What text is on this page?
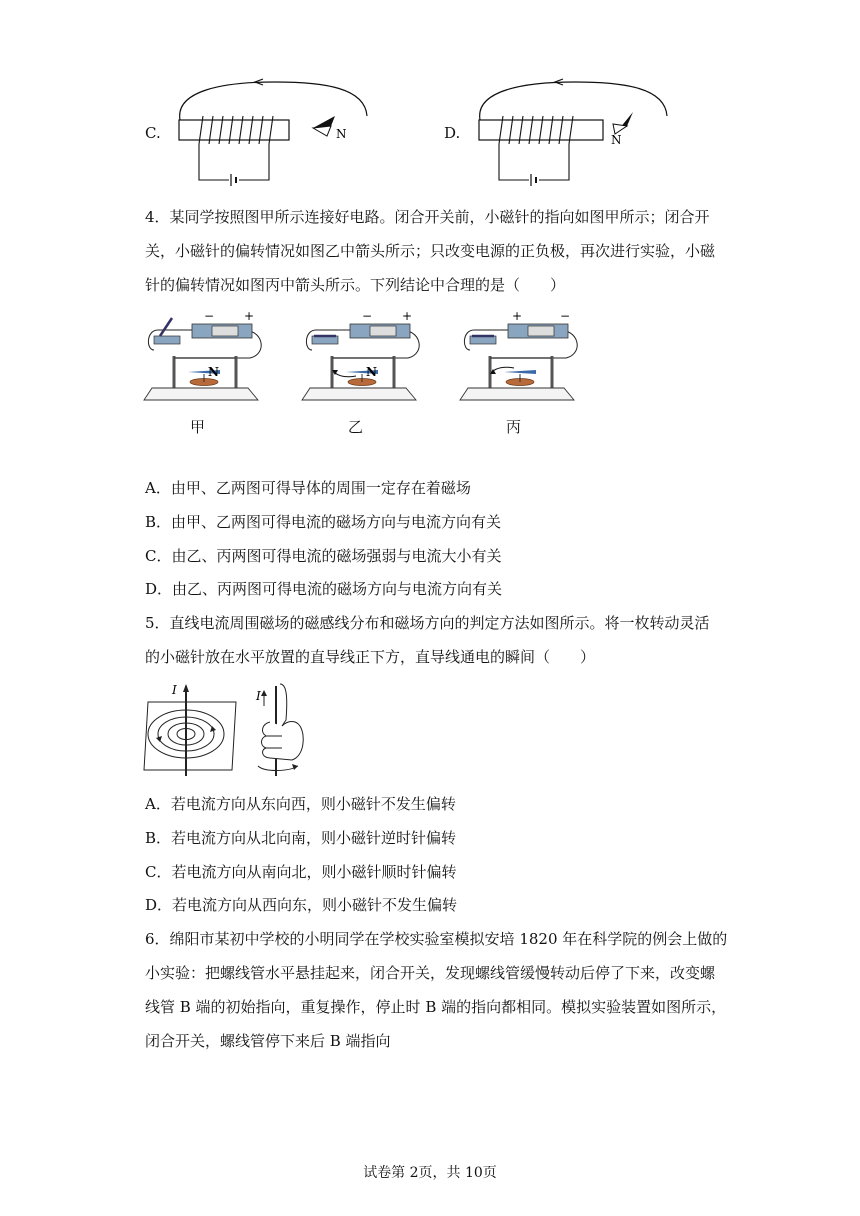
C.	N	D.	N
4．某同学按照图甲所示连接好电路。闭合开关前，小磁针的指向如图甲所示；闭合开
关，小磁针的偏转情况如图乙中箭头所示；只改变电源的正负极，再次进行实验，小磁
针的偏转情况如图丙中箭头所示。下列结论中合理的是（　　）
− +
N
甲
− +
N
乙
+	−
丙
A．由甲、乙两图可得导体的周围一定存在着磁场
B．由甲、乙两图可得电流的磁场方向与电流方向有关
C．由乙、丙两图可得电流的磁场强弱与电流大小有关
D．由乙、丙两图可得电流的磁场方向与电流方向有关
5．直线电流周围磁场的磁感线分布和磁场方向的判定方法如图所示。将一枚转动灵活
的小磁针放在水平放置的直导线正下方，直导线通电的瞬间（　　）
I	I
A．若电流方向从东向西，则小磁针不发生偏转
B．若电流方向从北向南，则小磁针逆时针偏转
C．若电流方向从南向北，则小磁针顺时针偏转
D．若电流方向从西向东，则小磁针不发生偏转
6．绵阳市某初中学校的小明同学在学校实验室模拟安培 1820 年在科学院的例会上做的
小实验：把螺线管水平悬挂起来，闭合开关，发现螺线管缓慢转动后停了下来，改变螺
线管 B 端的初始指向，重复操作，停止时 B 端的指向都相同。模拟实验装置如图所示，
闭合开关，螺线管停下来后 B 端指向
试卷第 2页，共 10页
